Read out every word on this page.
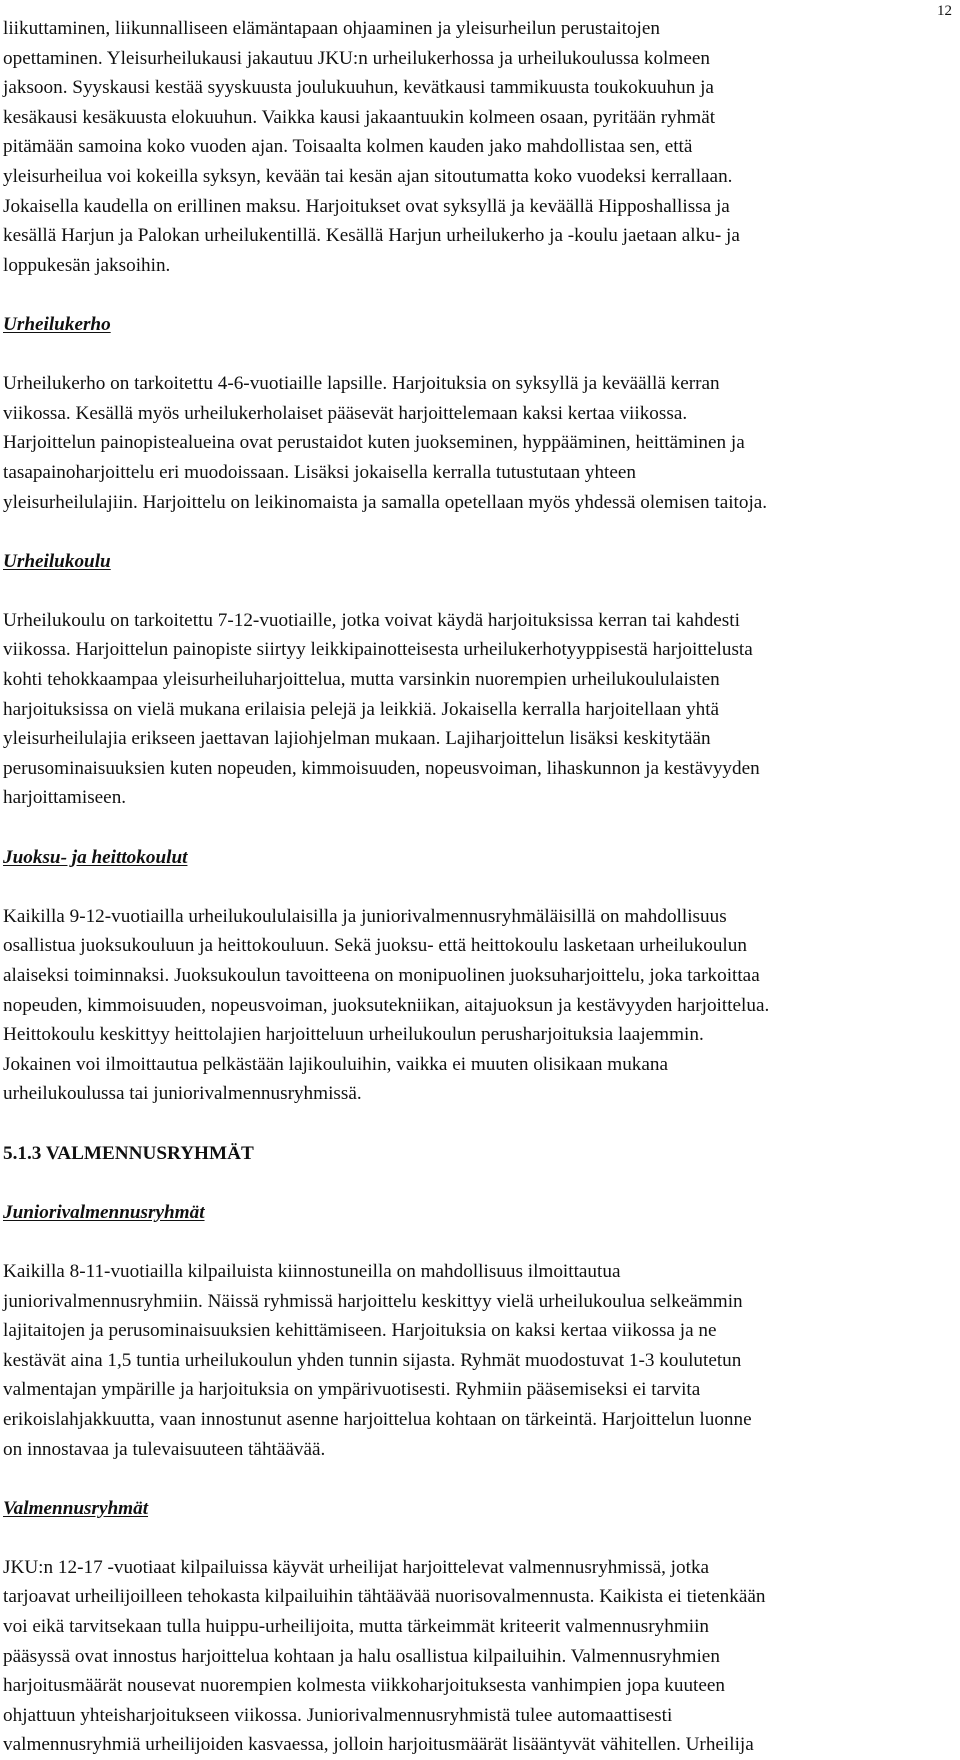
12
liikuttaminen, liikunnalliseen elämäntapaan ohjaaminen ja yleisurheilun perustaitojen
opettaminen. Yleisurheilukausi jakautuu JKU:n urheilukerhossa ja urheilukoulussa kolmeen
jaksoon. Syyskausi kestää syyskuusta joulukuuhun, kevätkausi tammikuusta toukokuuhun ja
kesäkausi kesäkuusta elokuuhun. Vaikka kausi jakaantuukin kolmeen osaan, pyritään ryhmät
pitämään samoina koko vuoden ajan. Toisaalta kolmen kauden jako mahdollistaa sen, että
yleisurheilua voi kokeilla syksyn, kevään tai kesän ajan sitoutumatta koko vuodeksi kerrallaan.
Jokaisella kaudella on erillinen maksu. Harjoitukset ovat syksyllä ja keväällä Hipposhallissa ja
kesällä Harjun ja Palokan urheilukentillä. Kesällä Harjun urheilukerho ja -koulu jaetaan alku- ja
loppukesän jaksoihin.
Urheilukerho
Urheilukerho on tarkoitettu 4-6-vuotiaille lapsille. Harjoituksia on syksyllä ja keväällä kerran
viikossa. Kesällä myös urheilukerholaiset pääsevät harjoittelemaan kaksi kertaa viikossa.
Harjoittelun painopistealueina ovat perustaidot kuten juokseminen, hyppääminen, heittäminen ja
tasapainoharjoittelu eri muodoissaan. Lisäksi jokaisella kerralla tutustutaan yhteen
yleisurheilulajiin. Harjoittelu on leikinomaista ja samalla opetellaan myös yhdessä olemisen taitoja.
Urheilukoulu
Urheilukoulu on tarkoitettu 7-12-vuotiaille, jotka voivat käydä harjoituksissa kerran tai kahdesti
viikossa. Harjoittelun painopiste siirtyy leikkipainotteisesta urheilukerhotyyppisestä harjoittelusta
kohti tehokkaampaa yleisurheiluharjoittelua, mutta varsinkin nuorempien urheilukoululaisten
harjoituksissa on vielä mukana erilaisia pelejä ja leikkiä. Jokaisella kerralla harjoitellaan yhtä
yleisurheilulajia erikseen jaettavan lajiohjelman mukaan. Lajiharjoittelun lisäksi keskitytään
perusominaisuuksien kuten nopeuden, kimmoisuuden, nopeusvoiman, lihaskunnon ja kestävyyden
harjoittamiseen.
Juoksu- ja heittokoulut
Kaikilla 9-12-vuotiailla urheilukoululaisilla ja juniorivalmennusryhmäläisillä on mahdollisuus
osallistua juoksukouluun ja heittokouluun. Sekä juoksu- että heittokoulu lasketaan urheilukoulun
alaiseksi toiminnaksi. Juoksukoulun tavoitteena on monipuolinen juoksuharjoittelu, joka tarkoittaa
nopeuden, kimmoisuuden, nopeusvoiman, juoksutekniikan, aitajuoksun ja kestävyyden harjoittelua.
Heittokoulu keskittyy heittolajien harjoitteluun urheilukoulun perusharjoituksia laajemmin.
Jokainen voi ilmoittautua pelkästään lajikouluihin, vaikka ei muuten olisikaan mukana
urheilukoulussa tai juniorivalmennusryhmissä.
5.1.3 VALMENNUSRYHMÄT
Juniorivalmennusryhmät
Kaikilla 8-11-vuotiailla kilpailuista kiinnostuneilla on mahdollisuus ilmoittautua
juniorivalmennusryhmiin. Näissä ryhmissä harjoittelu keskittyy vielä urheilukoulua selkeämmin
lajitaitojen ja perusominaisuuksien kehittämiseen. Harjoituksia on kaksi kertaa viikossa ja ne
kestävät aina 1,5 tuntia urheilukoulun yhden tunnin sijasta. Ryhmät muodostuvat 1-3 koulutetun
valmentajan ympärille ja harjoituksia on ympärivuotisesti. Ryhmiin pääsemiseksi ei tarvita
erikoislahjakkuutta, vaan innostunut asenne harjoittelua kohtaan on tärkeintä. Harjoittelun luonne
on innostavaa ja tulevaisuuteen tähtäävää.
Valmennusryhmät
JKU:n 12-17 -vuotiaat kilpailuissa käyvät urheilijat harjoittelevat valmennusryhmissä, jotka
tarjoavat urheilijoilleen tehokasta kilpailuihin tähtäävää nuorisovalmennusta. Kaikista ei tietenkään
voi eikä tarvitsekaan tulla huippu-urheilijoita, mutta tärkeimmät kriteerit valmennusryhmiin
pääsyssä ovat innostus harjoittelua kohtaan ja halu osallistua kilpailuihin. Valmennusryhmien
harjoitusmäärät nousevat nuorempien kolmesta viikkoharjoituksesta vanhimpien jopa kuuteen
ohjattuun yhteisharjoitukseen viikossa. Juniorivalmennusryhmistä tulee automaattisesti
valmennusryhmiä urheilijoiden kasvaessa, jolloin harjoitusmäärät lisääntyvät vähitellen. Urheilija
